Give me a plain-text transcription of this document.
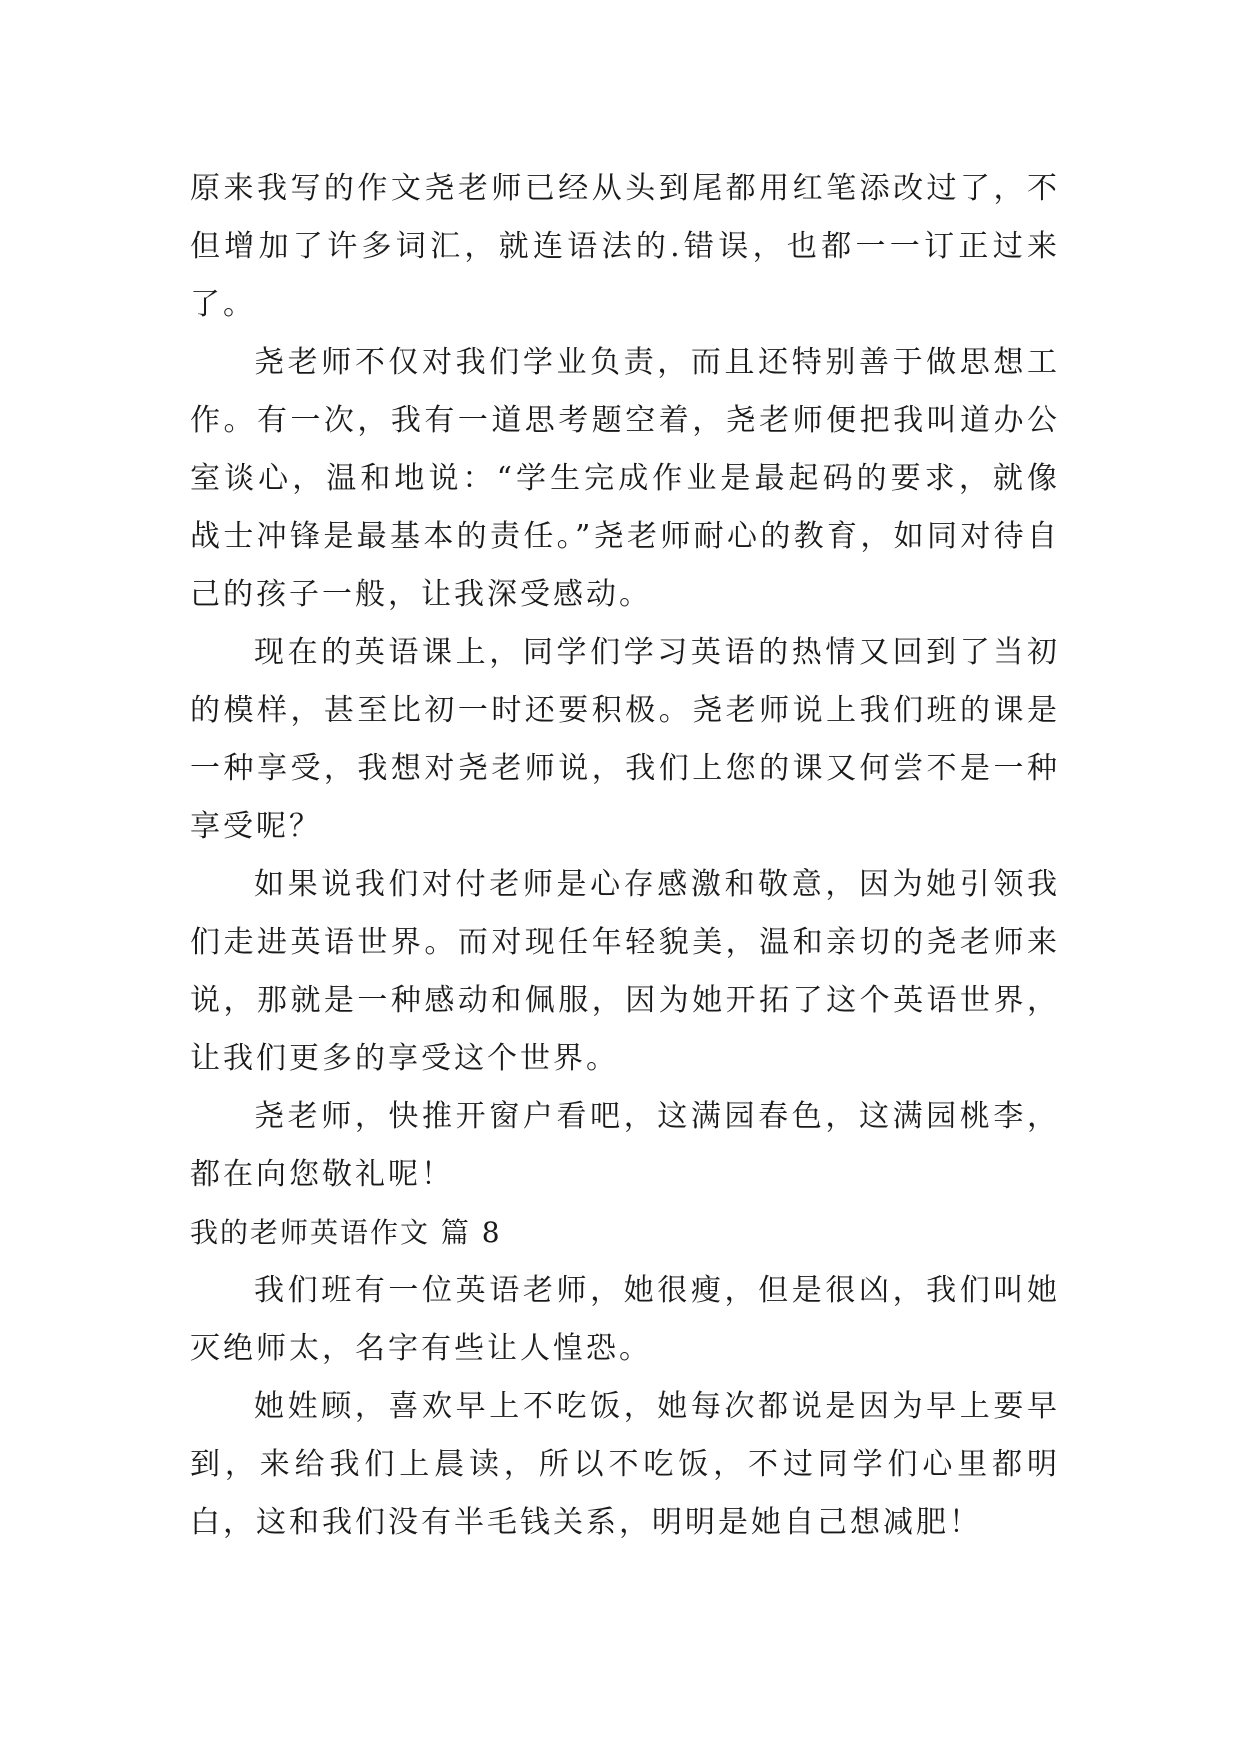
原来我写的作文尧老师已经从头到尾都用红笔添改过了，不但增加了许多词汇，就连语法的.错误，也都一一订正过来了。

尧老师不仅对我们学业负责，而且还特别善于做思想工作。有一次，我有一道思考题空着，尧老师便把我叫道办公室谈心，温和地说：“学生完成作业是最起码的要求，就像战士冲锋是最基本的责任。”尧老师耐心的教育，如同对待自己的孩子一般，让我深受感动。

现在的英语课上，同学们学习英语的热情又回到了当初的模样，甚至比初一时还要积极。尧老师说上我们班的课是一种享受，我想对尧老师说，我们上您的课又何尝不是一种享受呢？

如果说我们对付老师是心存感激和敬意，因为她引领我们走进英语世界。而对现任年轻貌美，温和亲切的尧老师来说，那就是一种感动和佩服，因为她开拓了这个英语世界，让我们更多的享受这个世界。

尧老师，快推开窗户看吧，这满园春色，这满园桃李，都在向您敬礼呢！

我的老师英语作文 篇 8

我们班有一位英语老师，她很瘦，但是很凶，我们叫她灭绝师太，名字有些让人惶恐。

她姓顾，喜欢早上不吃饭，她每次都说是因为早上要早到，来给我们上晨读，所以不吃饭，不过同学们心里都明白，这和我们没有半毛钱关系，明明是她自己想减肥！
